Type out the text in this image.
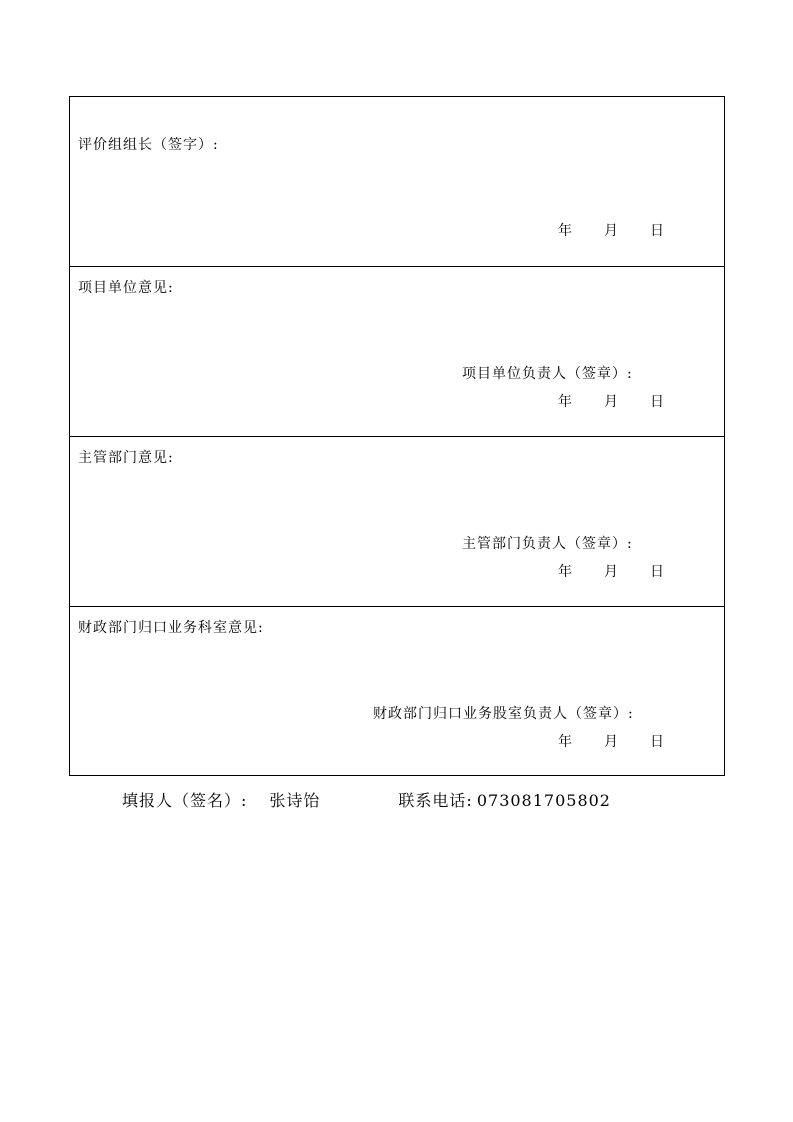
评价组组长（签字）:
年 月 日
项目单位意见:
项目单位负责人（签章）:
年 月 日
主管部门意见:
主管部门负责人（签章）:
年 月 日
财政部门归口业务科室意见:
财政部门归口业务股室负责人（签章）:
年 月 日
填报人（签名）: 张诗饴	联系电话: 073081705802
